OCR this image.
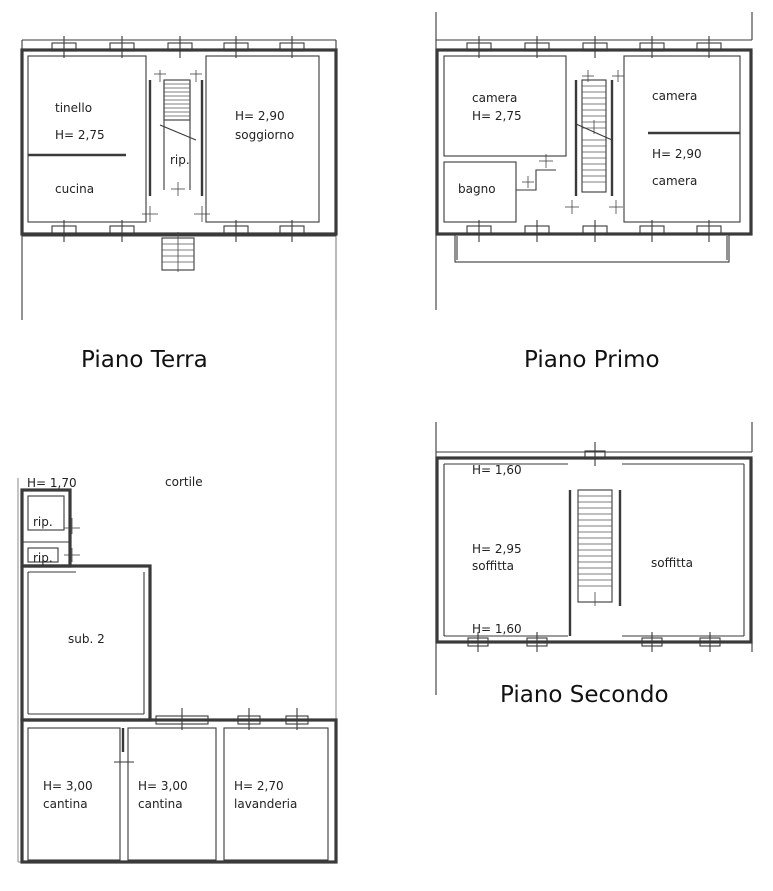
tinello
H= 2,75
cucina
H= 2,90
soggiorno
rip.
Piano Terra
camera
H= 2,75
bagno
camera
H= 2,90
camera
Piano Primo
H= 1,60
H= 2,95
soffitta
H= 1,60
soffitta
Piano Secondo
H= 1,70	cortile
rip.
rip.
sub. 2
H= 3,00
cantina
H= 3,00
cantina
H= 2,70
lavanderia
